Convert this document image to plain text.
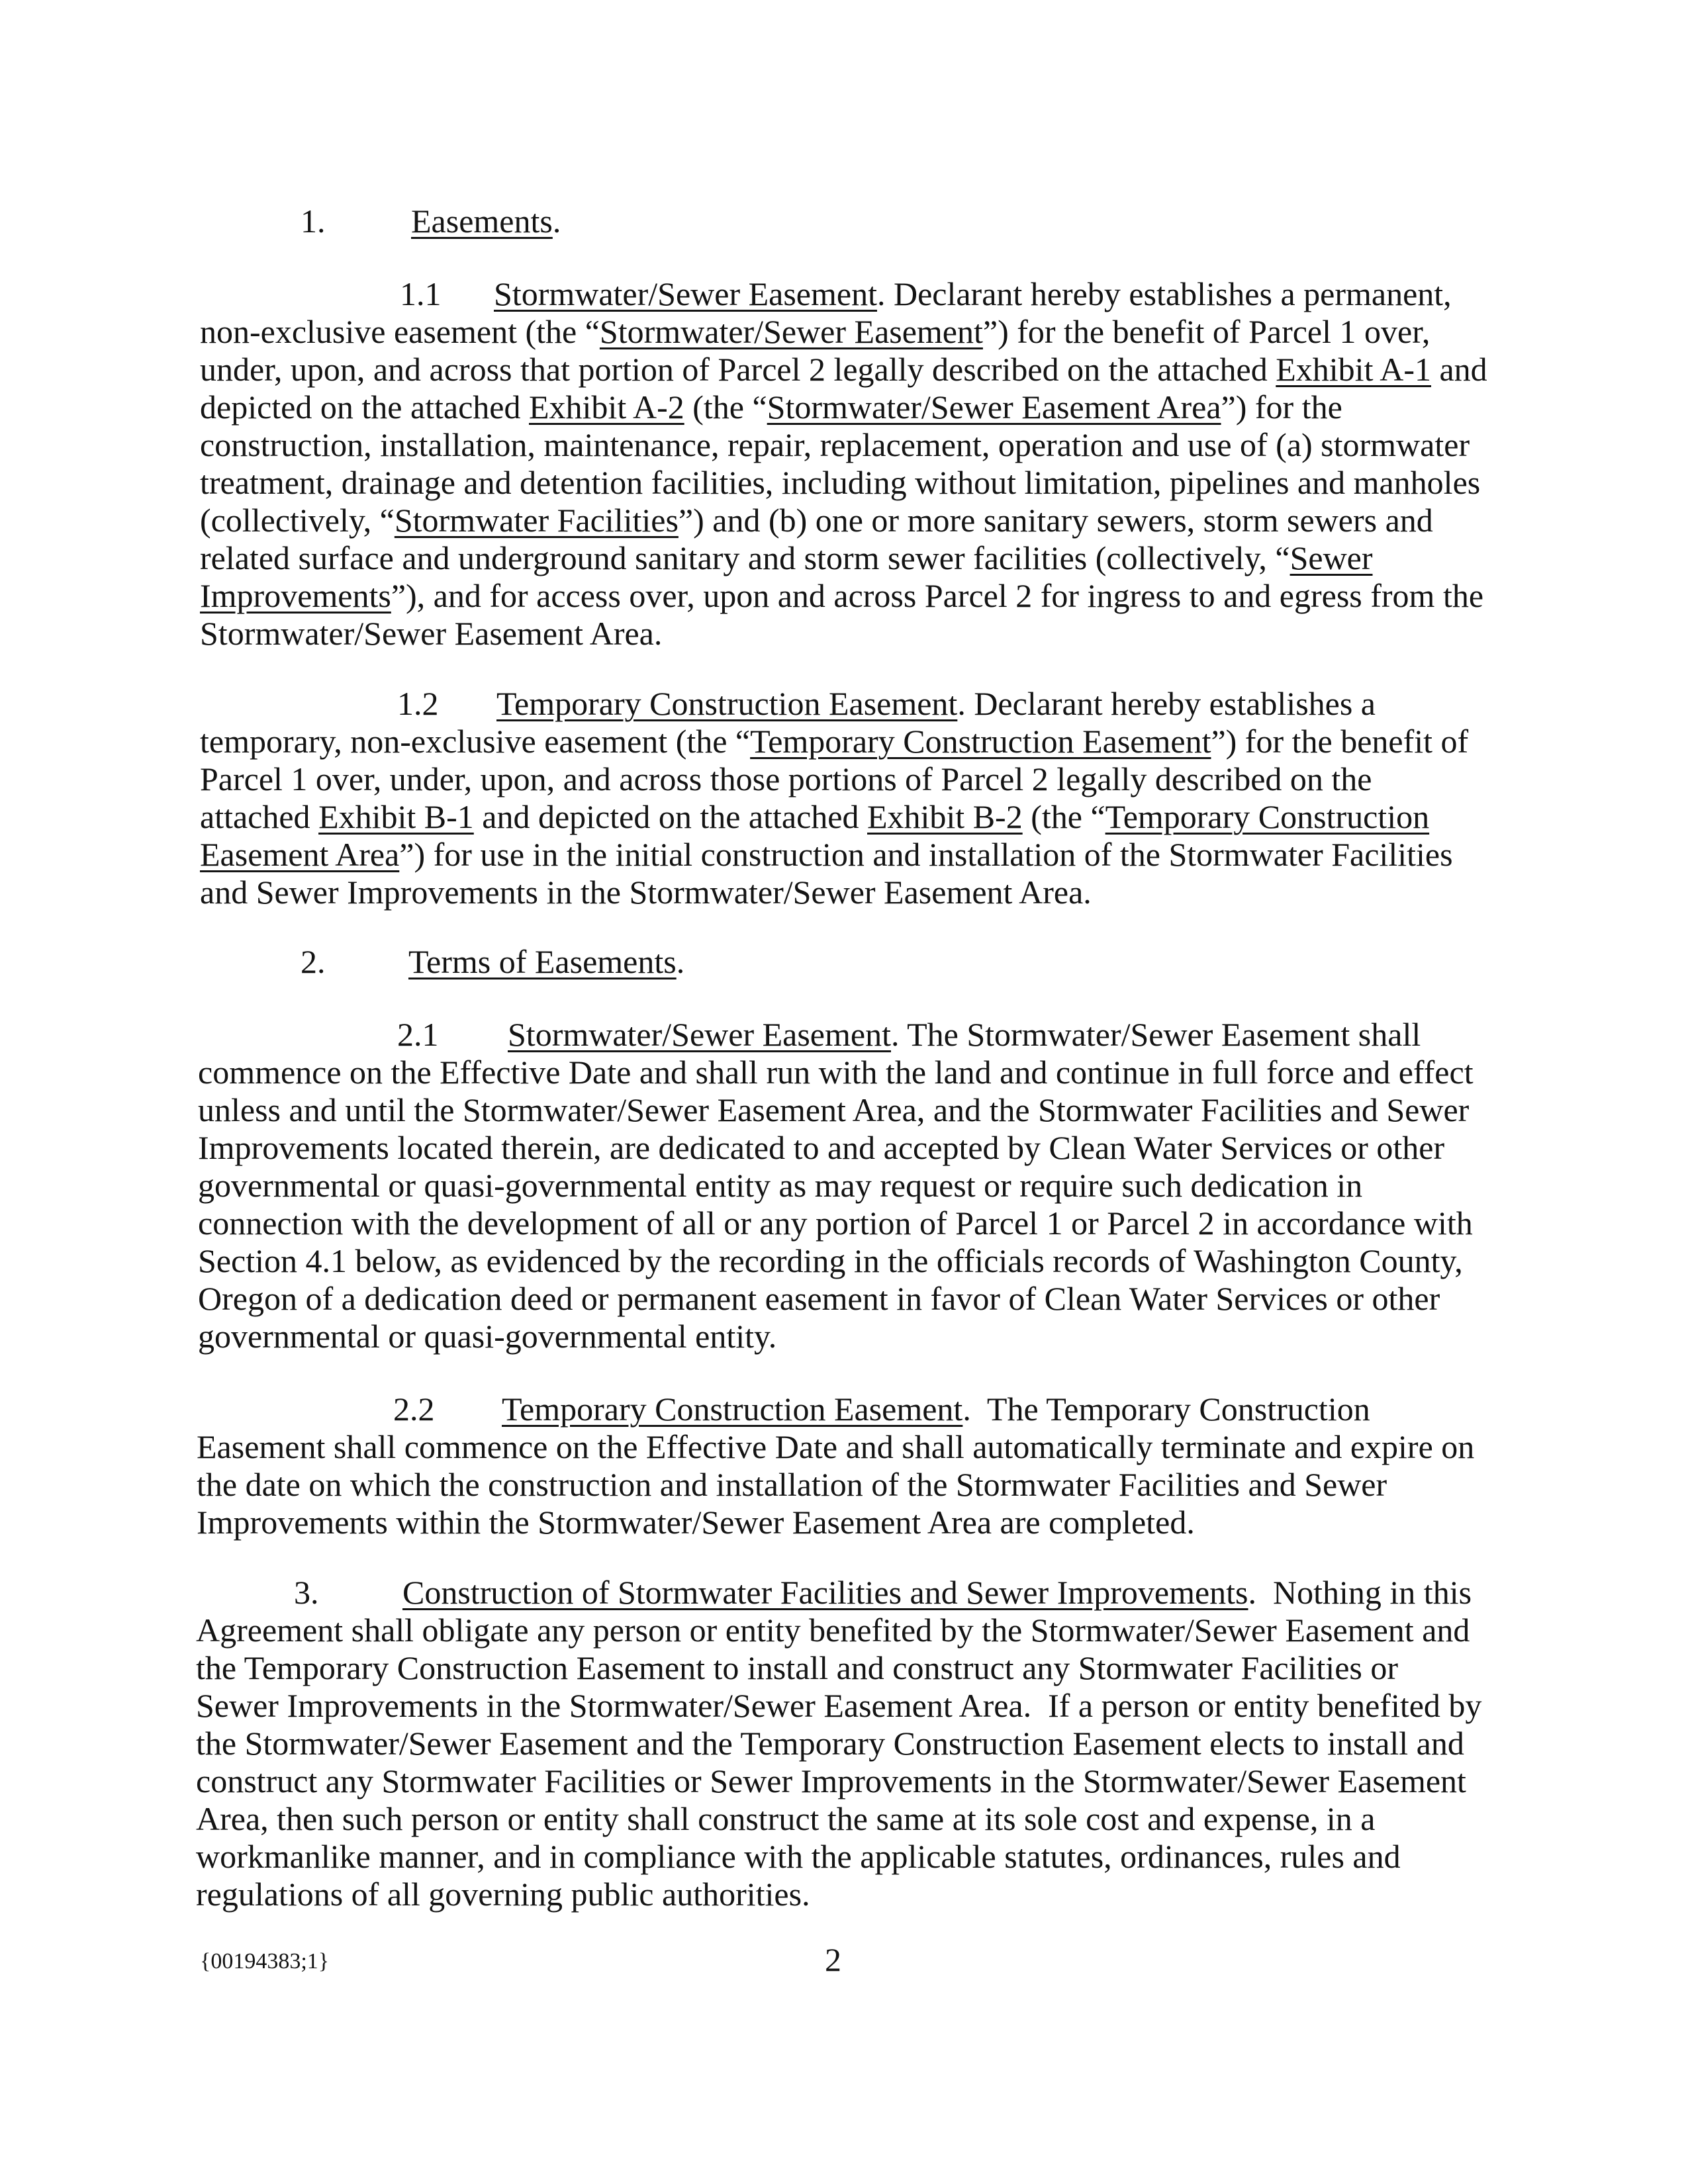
1.	Easements.
1.1 Stormwater/Sewer Easement. Declarant hereby establishes a permanent,
non-exclusive easement (the “Stormwater/Sewer Easement”) for the benefit of Parcel 1 over,
under, upon, and across that portion of Parcel 2 legally described on the attached Exhibit A-1 and
depicted on the attached Exhibit A-2 (the “Stormwater/Sewer Easement Area”) for the
construction, installation, maintenance, repair, replacement, operation and use of (a) stormwater
treatment, drainage and detention facilities, including without limitation, pipelines and manholes
(collectively, “Stormwater Facilities”) and (b) one or more sanitary sewers, storm sewers and
related surface and underground sanitary and storm sewer facilities (collectively, “Sewer
Improvements”), and for access over, upon and across Parcel 2 for ingress to and egress from the
Stormwater/Sewer Easement Area.
1.2 Temporary Construction Easement. Declarant hereby establishes a
temporary, non-exclusive easement (the “Temporary Construction Easement”) for the benefit of
Parcel 1 over, under, upon, and across those portions of Parcel 2 legally described on the
attached Exhibit B-1 and depicted on the attached Exhibit B-2 (the “Temporary Construction
Easement Area”) for use in the initial construction and installation of the Stormwater Facilities
and Sewer Improvements in the Stormwater/Sewer Easement Area.
2.	Terms of Easements.
2.1 Stormwater/Sewer Easement. The Stormwater/Sewer Easement shall
commence on the Effective Date and shall run with the land and continue in full force and effect
unless and until the Stormwater/Sewer Easement Area, and the Stormwater Facilities and Sewer
Improvements located therein, are dedicated to and accepted by Clean Water Services or other
governmental or quasi-governmental entity as may request or require such dedication in
connection with the development of all or any portion of Parcel 1 or Parcel 2 in accordance with
Section 4.1 below, as evidenced by the recording in the officials records of Washington County,
Oregon of a dedication deed or permanent easement in favor of Clean Water Services or other
governmental or quasi-governmental entity.
2.2 Temporary Construction Easement.  The Temporary Construction
Easement shall commence on the Effective Date and shall automatically terminate and expire on
the date on which the construction and installation of the Stormwater Facilities and Sewer
Improvements within the Stormwater/Sewer Easement Area are completed.
3.	Construction of Stormwater Facilities and Sewer Improvements.  Nothing in this
Agreement shall obligate any person or entity benefited by the Stormwater/Sewer Easement and
the Temporary Construction Easement to install and construct any Stormwater Facilities or
Sewer Improvements in the Stormwater/Sewer Easement Area.  If a person or entity benefited by
the Stormwater/Sewer Easement and the Temporary Construction Easement elects to install and
construct any Stormwater Facilities or Sewer Improvements in the Stormwater/Sewer Easement
Area, then such person or entity shall construct the same at its sole cost and expense, in a
workmanlike manner, and in compliance with the applicable statutes, ordinances, rules and
regulations of all governing public authorities.
{00194383;1}	2
